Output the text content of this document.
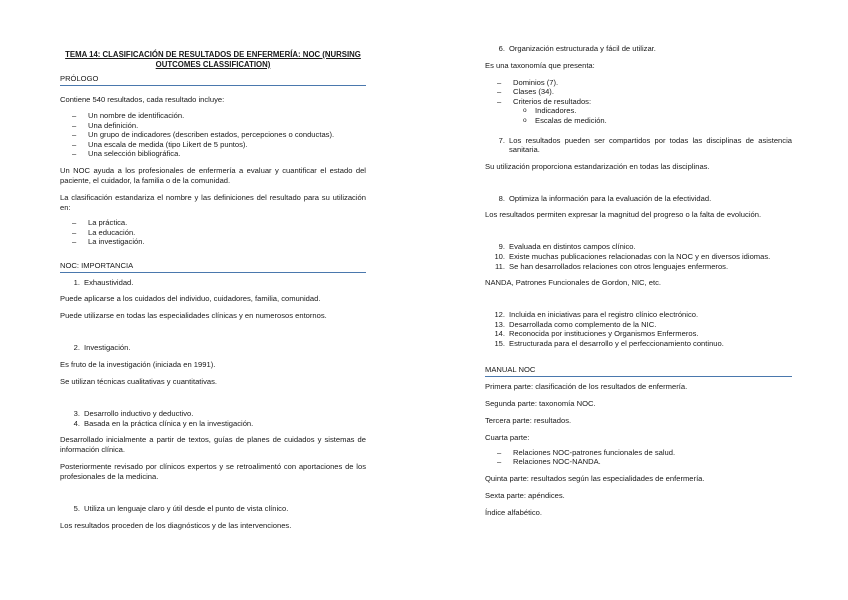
TEMA 14: CLASIFICACIÓN DE RESULTADOS DE ENFERMERÍA: NOC (NURSING OUTCOMES CLASSIFICATION)

PRÓLOGO

Contiene 540 resultados, cada resultado incluye:

– Un nombre de identificación.
– Una definición.
– Un grupo de indicadores (describen estados, percepciones o conductas).
– Una escala de medida (tipo Likert de 5 puntos).
– Una selección bibliográfica.

Un NOC ayuda a los profesionales de enfermería a evaluar y cuantificar el estado del paciente, el cuidador, la familia o de la comunidad.

La clasificación estandariza el nombre y las definiciones del resultado para su utilización en:

– La práctica.
– La educación.
– La investigación.

NOC: IMPORTANCIA

1. Exhaustividad.

Puede aplicarse a los cuidados del individuo, cuidadores, familia, comunidad.

Puede utilizarse en todas las especialidades clínicas y en numerosos entornos.

2. Investigación.

Es fruto de la investigación (iniciada en 1991).

Se utilizan técnicas cualitativas y cuantitativas.

3. Desarrollo inductivo y deductivo.
4. Basada en la práctica clínica y en la investigación.

Desarrollado inicialmente a partir de textos, guías de planes de cuidados y sistemas de información clínica.

Posteriormente revisado por clínicos expertos y se retroalimentó con aportaciones de los profesionales de la medicina.

5. Utiliza un lenguaje claro y útil desde el punto de vista clínico.

Los resultados proceden de los diagnósticos y de las intervenciones.

6. Organización estructurada y fácil de utilizar.

Es una taxonomía que presenta:

– Dominios (7).
– Clases (34).
– Criterios de resultados:
o Indicadores.
o Escalas de medición.
7. Los resultados pueden ser compartidos por todas las disciplinas de asistencia sanitaria.

Su utilización proporciona estandarización en todas las disciplinas.

8. Optimiza la información para la evaluación de la efectividad.

Los resultados permiten expresar la magnitud del progreso o la falta de evolución.

9. Evaluada en distintos campos clínico.
10. Existe muchas publicaciones relacionadas con la NOC y en diversos idiomas.
11. Se han desarrollados relaciones con otros lenguajes enfermeros.

NANDA, Patrones Funcionales de Gordon, NIC, etc.

12. Incluida en iniciativas para el registro clínico electrónico.
13. Desarrollada como complemento de la NIC.
14. Reconocida por instituciones y Organismos Enfermeros.
15. Estructurada para el desarrollo y el perfeccionamiento continuo.

MANUAL NOC

Primera parte: clasificación de los resultados de enfermería.

Segunda parte: taxonomía NOC.

Tercera parte: resultados.

Cuarta parte:

– Relaciones NOC-patrones funcionales de salud.
– Relaciones NOC-NANDA.

Quinta parte: resultados según las especialidades de enfermería.

Sexta parte: apéndices.

Índice alfabético.
